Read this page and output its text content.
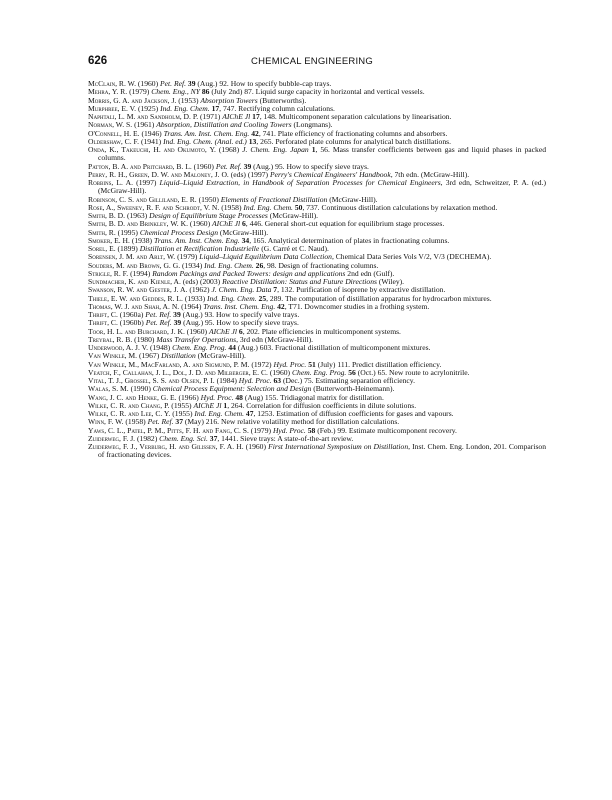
626	CHEMICAL ENGINEERING
McClain, R. W. (1960) Pet. Ref. 39 (Aug.) 92. How to specify bubble-cap trays.
Mehra, Y. R. (1979) Chem. Eng., NY 86 (July 2nd) 87. Liquid surge capacity in horizontal and vertical vessels.
Morris, G. A. and Jackson, J. (1953) Absorption Towers (Butterworths).
Murphree, E. V. (1925) Ind. Eng. Chem. 17, 747. Rectifying column calculations.
Naphtali, L. M. and Sandholm, D. P. (1971) AIChE Jl 17, 148. Multicomponent separation calculations by linearisation.
Norman, W. S. (1961) Absorption, Distillation and Cooling Towers (Longmans).
O'Connell, H. E. (1946) Trans. Am. Inst. Chem. Eng. 42, 741. Plate efficiency of fractionating columns and absorbers.
Oldershaw, C. F. (1941) Ind. Eng. Chem. (Anal. ed.) 13, 265. Perforated plate columns for analytical batch distillations.
Onda, K., Takeuchi, H. and Okumoto, Y. (1968) J. Chem. Eng. Japan 1, 56. Mass transfer coefficients between gas and liquid phases in packed columns.
Patton, B. A. and Pritchard, B. L. (1960) Pet. Ref. 39 (Aug.) 95. How to specify sieve trays.
Perry, R. H., Green, D. W. and Maloney, J. O. (eds) (1997) Perry's Chemical Engineers' Handbook, 7th edn. (McGraw-Hill).
Robbins, L. A. (1997) Liquid–Liquid Extraction, in Handbook of Separation Processes for Chemical Engineers, 3rd edn, Schweitzer, P. A. (ed.) (McGraw-Hill).
Robinson, C. S. and Gilliland, E. R. (1950) Elements of Fractional Distillation (McGraw-Hill).
Rose, A., Sweeney, R. F. and Schrodt, V. N. (1958) Ind. Eng. Chem. 50, 737. Continuous distillation calculations by relaxation method.
Smith, B. D. (1963) Design of Equilibrium Stage Processes (McGraw-Hill).
Smith, B. D. and Brinkley, W. K. (1960) AIChE Jl 6, 446. General short-cut equation for equilibrium stage processes.
Smith, R. (1995) Chemical Process Design (McGraw-Hill).
Smoker, E. H. (1938) Trans. Am. Inst. Chem. Eng. 34, 165. Analytical determination of plates in fractionating columns.
Sorel, E. (1899) Distillation et Rectification Industrielle (G. Carré et C. Naud).
Sorensen, J. M. and Arlt, W. (1979) Liquid–Liquid Equilibrium Data Collection, Chemical Data Series Vols V/2, V/3 (DECHEMA).
Souders, M. and Brown, G. G. (1934) Ind. Eng. Chem. 26, 98. Design of fractionating columns.
Strigle, R. F. (1994) Random Packings and Packed Towers: design and applications 2nd edn (Gulf).
Sundmacher, K. and Kienle, A. (eds) (2003) Reactive Distillation: Status and Future Directions (Wiley).
Swanson, R. W. and Gester, J. A. (1962) J. Chem. Eng. Data 7, 132. Purification of isoprene by extractive distillation.
Thiele, E. W. and Geddes, R. L. (1933) Ind. Eng. Chem. 25, 289. The computation of distillation apparatus for hydrocarbon mixtures.
Thomas, W. J. and Shah, A. N. (1964) Trans. Inst. Chem. Eng. 42, T71. Downcomer studies in a frothing system.
Thrift, C. (1960a) Pet. Ref. 39 (Aug.) 93. How to specify valve trays.
Thrift, C. (1960b) Pet. Ref. 39 (Aug.) 95. How to specify sieve trays.
Toor, H. L. and Burchard, J. K. (1960) AIChE Jl 6, 202. Plate efficiencies in multicomponent systems.
Treybal, R. B. (1980) Mass Transfer Operations, 3rd edn (McGraw-Hill).
Underwood, A. J. V. (1948) Chem. Eng. Prog. 44 (Aug.) 603. Fractional distillation of multicomponent mixtures.
Van Winkle, M. (1967) Distillation (McGraw-Hill).
Van Winkle, M., MacFarland, A. and Sigmund, P. M. (1972) Hyd. Proc. 51 (July) 111. Predict distillation efficiency.
Veatch, F., Callahan, J. L., Dol, J. D. and Milberger, E. C. (1960) Chem. Eng. Prog. 56 (Oct.) 65. New route to acrylonitrile.
Vital, T. J., Grossel, S. S. and Olsen, P. I. (1984) Hyd. Proc. 63 (Dec.) 75. Estimating separation efficiency.
Walas, S. M. (1990) Chemical Process Equipment: Selection and Design (Butterworth-Heinemann).
Wang, J. C. and Henke, G. E. (1966) Hyd. Proc. 48 (Aug) 155. Tridiagonal matrix for distillation.
Wilke, C. R. and Chang, P. (1955) AIChE Jl 1, 264. Correlation for diffusion coefficients in dilute solutions.
Wilke, C. R. and Lee, C. Y. (1955) Ind. Eng. Chem. 47, 1253. Estimation of diffusion coefficients for gases and vapours.
Winn, F. W. (1958) Pet. Ref. 37 (May) 216. New relative volatility method for distillation calculations.
Yaws, C. L., Patel, P. M., Pitts, F. H. and Fang, C. S. (1979) Hyd. Proc. 58 (Feb.) 99. Estimate multicomponent recovery.
Zuiderweg, F. J. (1982) Chem. Eng. Sci. 37, 1441. Sieve trays: A state-of-the-art review.
Zuiderweg, F. J., Verburg, H. and Gilissen, F. A. H. (1960) First International Symposium on Distillation, Inst. Chem. Eng. London, 201. Comparison of fractionating devices.
